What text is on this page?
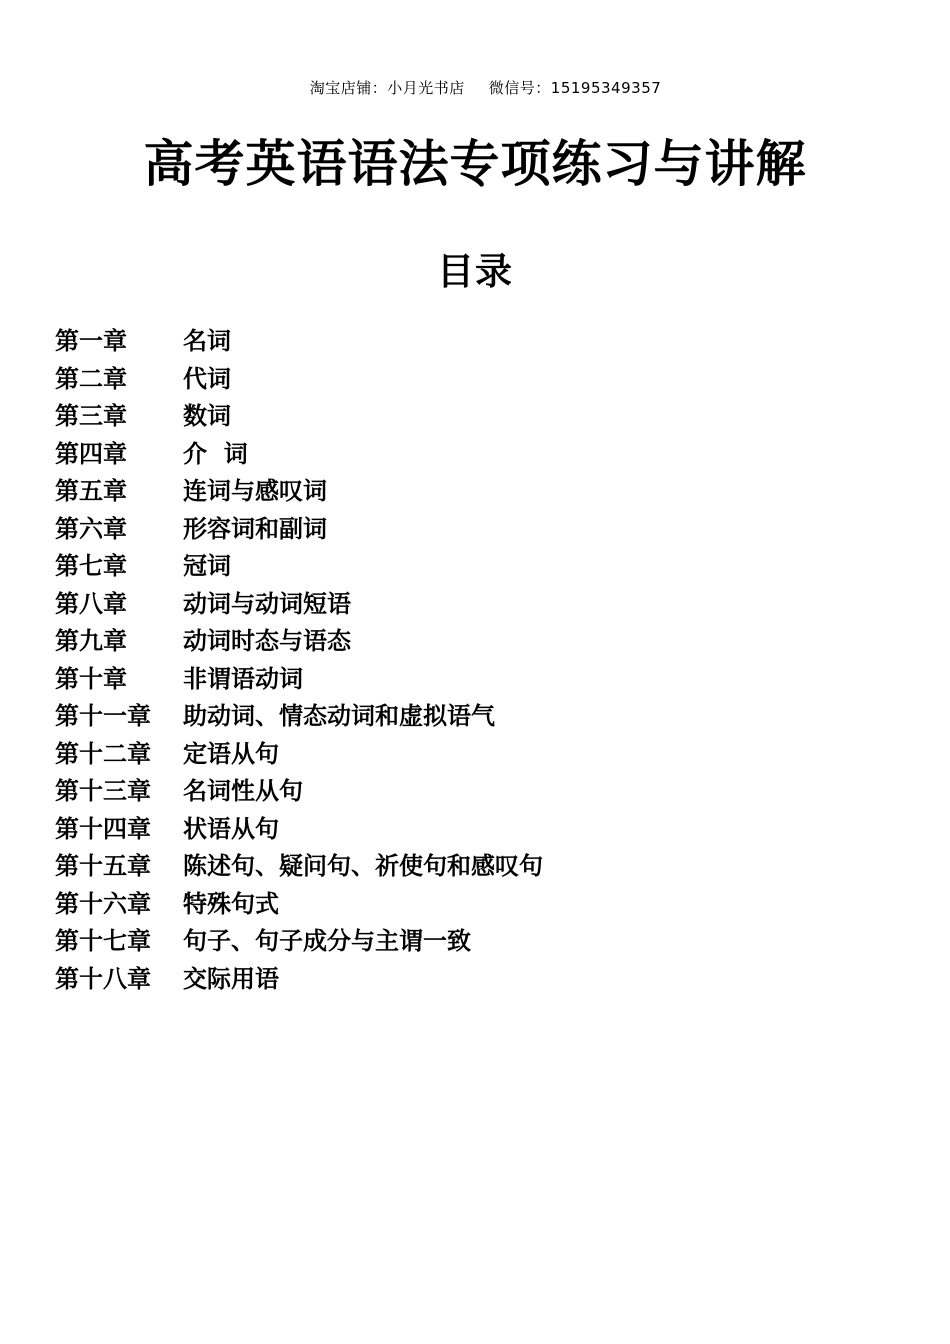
淘宝店铺：小月光书店 微信号：15195349357

高考英语语法专项练习与讲解
目录
第一章 名词
第二章 代词
第三章 数词
第四章 介  词
第五章 连词与感叹词
第六章 形容词和副词
第七章 冠词
第八章 动词与动词短语
第九章 动词时态与语态
第十章 非谓语动词
第十一章 助动词、情态动词和虚拟语气
第十二章 定语从句
第十三章 名词性从句
第十四章 状语从句
第十五章 陈述句、疑问句、祈使句和感叹句
第十六章 特殊句式
第十七章 句子、句子成分与主谓一致
第十八章 交际用语
